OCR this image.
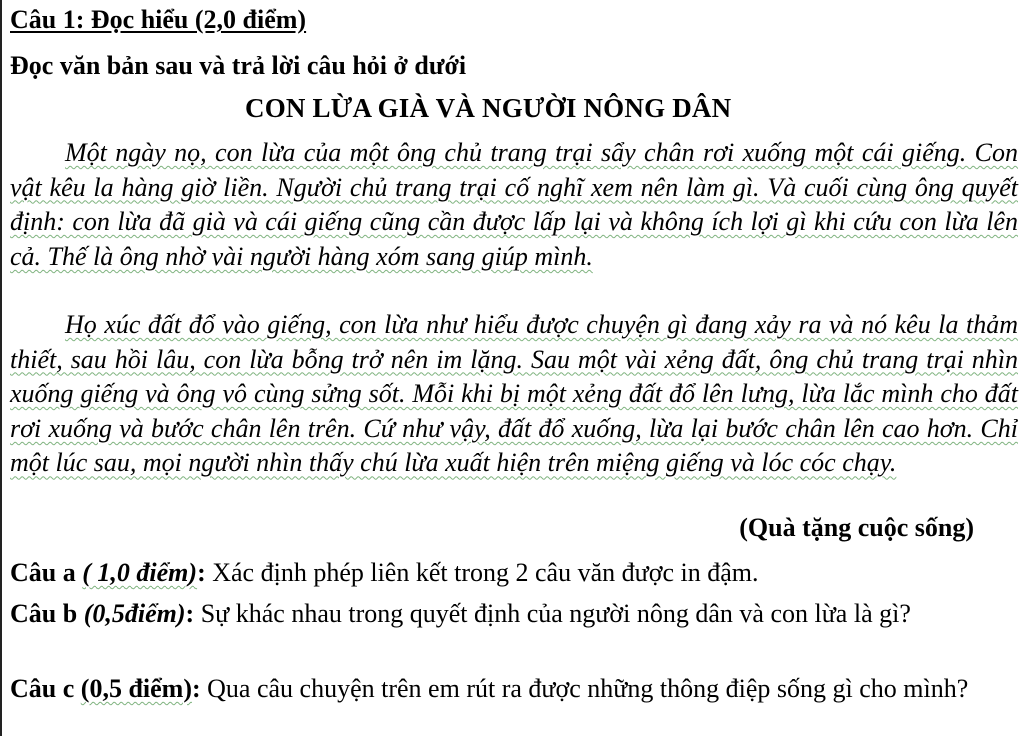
Câu 1: Đọc hiểu (2,0 điểm)
Đọc văn bản sau và trả lời câu hỏi ở dưới
CON LỪA GIÀ VÀ NGƯỜI NÔNG DÂN
Một ngày nọ, con lừa của một ông chủ trang trại sẩy chân rơi xuống một cái giếng. Con vật kêu la hàng giờ liền. Người chủ trang trại cố nghĩ xem nên làm gì. Và cuối cùng ông quyết định: con lừa đã già và cái giếng cũng cần được lấp lại và không ích lợi gì khi cứu con lừa lên cả. Thế là ông nhờ vài người hàng xóm sang giúp mình.
Họ xúc đất đổ vào giếng, con lừa như hiểu được chuyện gì đang xảy ra và nó kêu la thảm thiết, sau hồi lâu, con lừa bỗng trở nên im lặng. Sau một vài xẻng đất, ông chủ trang trại nhìn xuống giếng và ông vô cùng sửng sốt. Mỗi khi bị một xẻng đất đổ lên lưng, lừa lắc mình cho đất rơi xuống và bước chân lên trên. Cứ như vậy, đất đổ xuống, lừa lại bước chân lên cao hơn. Chỉ một lúc sau, mọi người nhìn thấy chú lừa xuất hiện trên miệng giếng và lóc cóc chạy.
(Quà tặng cuộc sống)
Câu a ( 1,0 điểm): Xác định phép liên kết trong 2 câu văn được in đậm.
Câu b (0,5điểm): Sự khác nhau trong quyết định của người nông dân và con lừa là gì?
Câu c (0,5 điểm): Qua câu chuyện trên em rút ra được những thông điệp sống gì cho mình?
